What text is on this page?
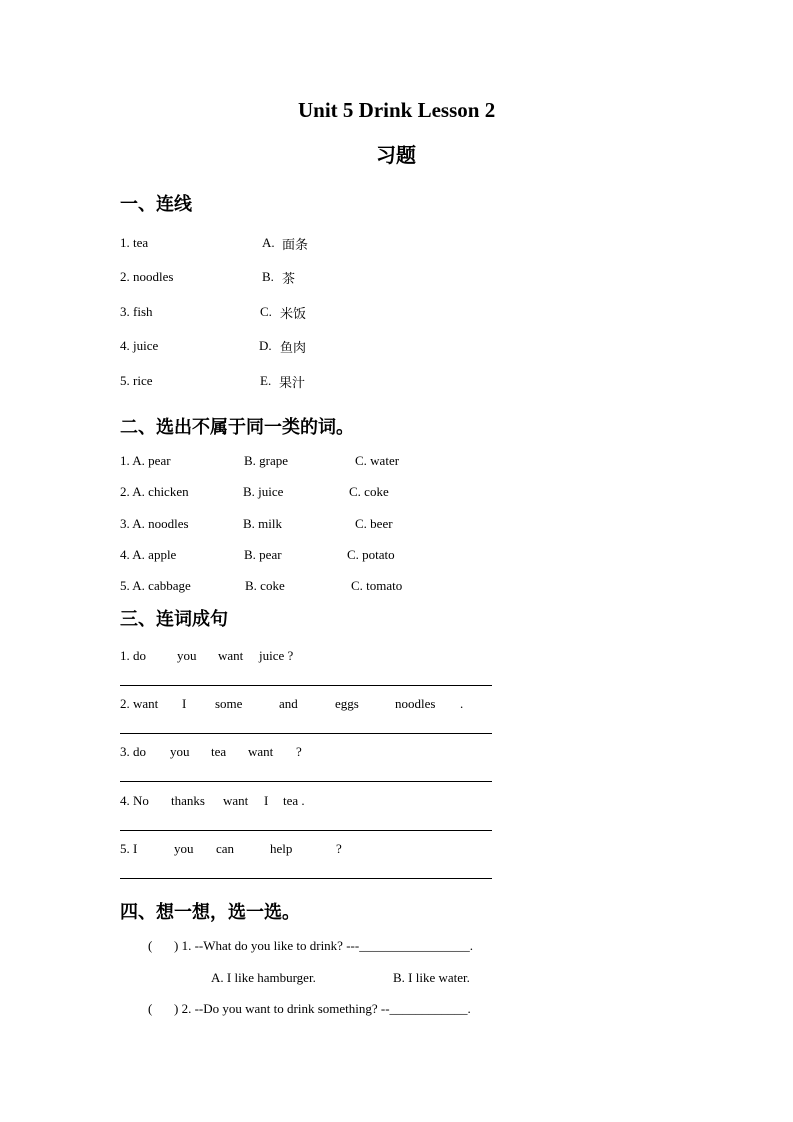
Unit 5 Drink Lesson 2
习题
一、连线
1. tea	A. 面条
2. noodles	B. 茶
3. fish	C. 米饭
4. juice	D. 鱼肉
5. rice	E. 果汁
二、选出不属于同一类的词。
1. A. pear	B. grape	C. water
2. A. chicken	B. juice	C. coke
3. A. noodles	B. milk	C. beer
4. A. apple	B. pear	C. potato
5. A. cabbage	B. coke	C. tomato
三、连词成句
1. do you want juice ?
2. want I some	and	eggs	noodles .
3. do you tea want ?
4. No thanks want I tea .
5. I	you can	help	?
四、想一想，选一选。
( ) 1. --What do you like to drink? ---_________________.
A. I like hamburger.	B. I like water.
( ) 2. --Do you want to drink something? --____________.
